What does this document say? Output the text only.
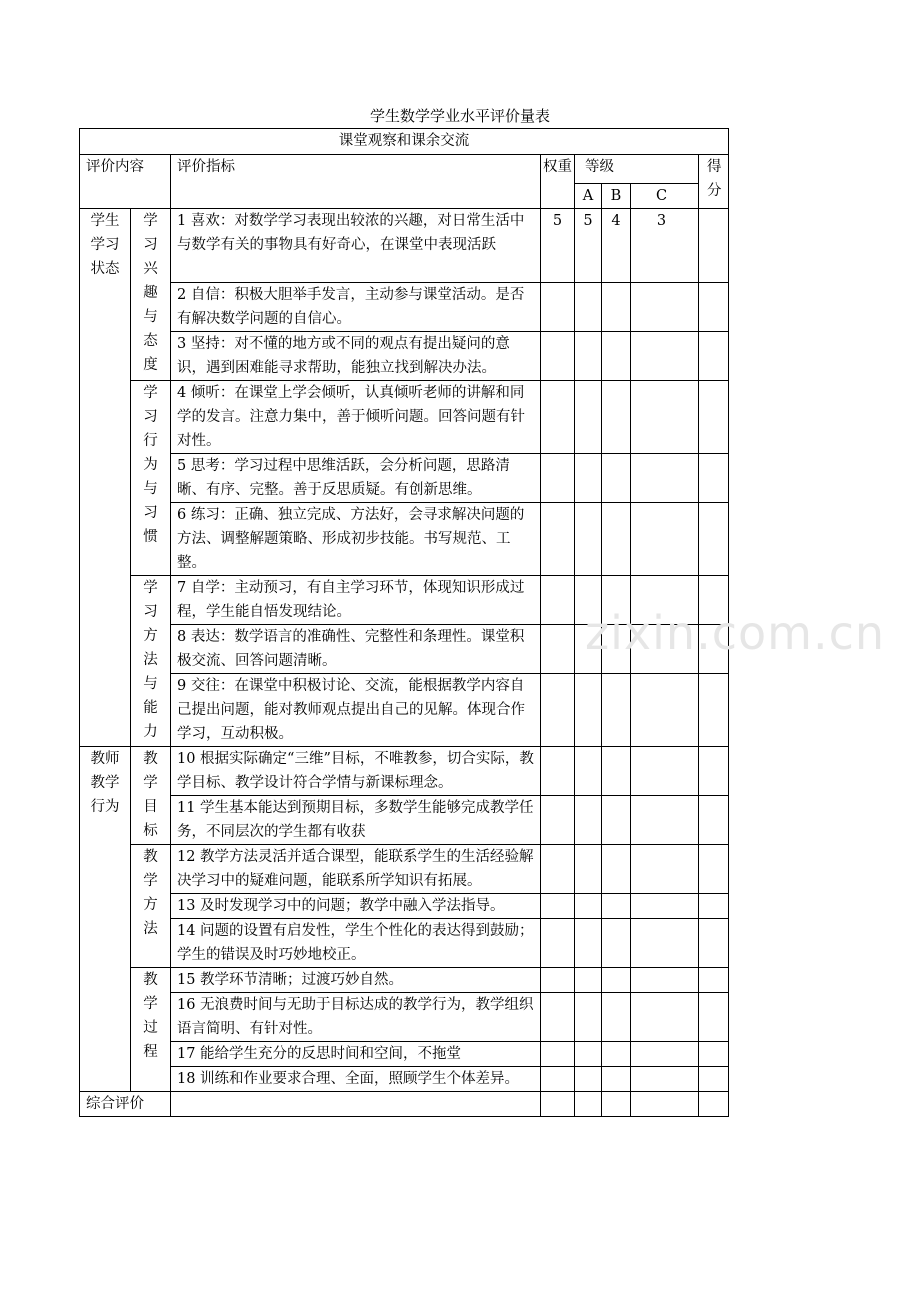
学生数学学业水平评价量表
课堂观察和课余交流							
评价内容		评价指标	权重	等级			得分
				A	B	C	
学生学习状态	学习兴趣与态度	1 喜欢：对数学学习表现出较浓的兴趣，对日常生活中与数学有关的事物具有好奇心，在课堂中表现活跃	5	5	4	3	
		2 自信：积极大胆举手发言，主动参与课堂活动。是否有解决数学问题的自信心。					
		3 坚持：对不懂的地方或不同的观点有提出疑问的意识，遇到困难能寻求帮助，能独立找到解决办法。					
	学习行为与习惯	4 倾听：在课堂上学会倾听，认真倾听老师的讲解和同学的发言。注意力集中，善于倾听问题。回答问题有针对性。					
		5 思考：学习过程中思维活跃，会分析问题，思路清晰、有序、完整。善于反思质疑。有创新思维。					
		6 练习：正确、独立完成、方法好，会寻求解决问题的方法、调整解题策略、形成初步技能。书写规范、工整。					
	学习方法与能力	7 自学：主动预习，有自主学习环节，体现知识形成过程，学生能自悟发现结论。					
		8 表达：数学语言的准确性、完整性和条理性。课堂积极交流、回答问题清晰。					
		9 交往：在课堂中积极讨论、交流，能根据教学内容自己提出问题，能对教师观点提出自己的见解。体现合作学习，互动积极。					
教师教学行为	教学目标	10 根据实际确定“三维”目标，不唯教参，切合实际，教学目标、教学设计符合学情与新课标理念。					
		11 学生基本能达到预期目标，多数学生能够完成教学任务，不同层次的学生都有收获					
	教学方法	12 教学方法灵活并适合课型，能联系学生的生活经验解决学习中的疑难问题，能联系所学知识有拓展。					
		13 及时发现学习中的问题；教学中融入学法指导。					
		14 问题的设置有启发性，学生个性化的表达得到鼓励；学生的错误及时巧妙地校正。					
	教学过程	15 教学环节清晰；过渡巧妙自然。					
		16 无浪费时间与无助于目标达成的教学行为，教学组织语言简明、有针对性。					
		17 能给学生充分的反思时间和空间，不拖堂					
		18 训练和作业要求合理、全面，照顾学生个体差异。					
综合评价							
zixin.com.cn
